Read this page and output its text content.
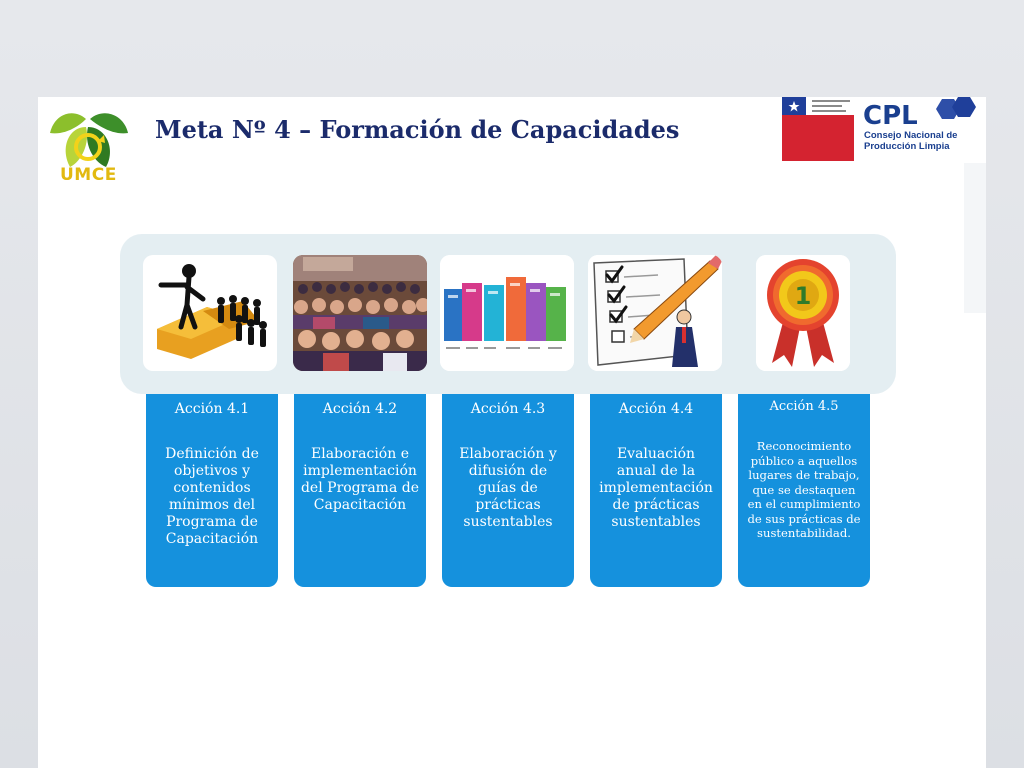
UMCE
Meta Nº 4 – Formación de Capacidades	CPL
Consejo Nacional de
Producción Limpia
1
Acción 4.1
Definición de objetivos y contenidos mínimos del Programa de Capacitación
Acción 4.2
Elaboración e implementación del Programa de Capacitación
Acción 4.3
Elaboración y difusión de guías de prácticas sustentables
Acción 4.4
Evaluación anual de la implementación de prácticas sustentables
Acción 4.5
Reconocimiento público a aquellos lugares de trabajo, que se destaquen en el cumplimiento de sus prácticas de sustentabilidad.
